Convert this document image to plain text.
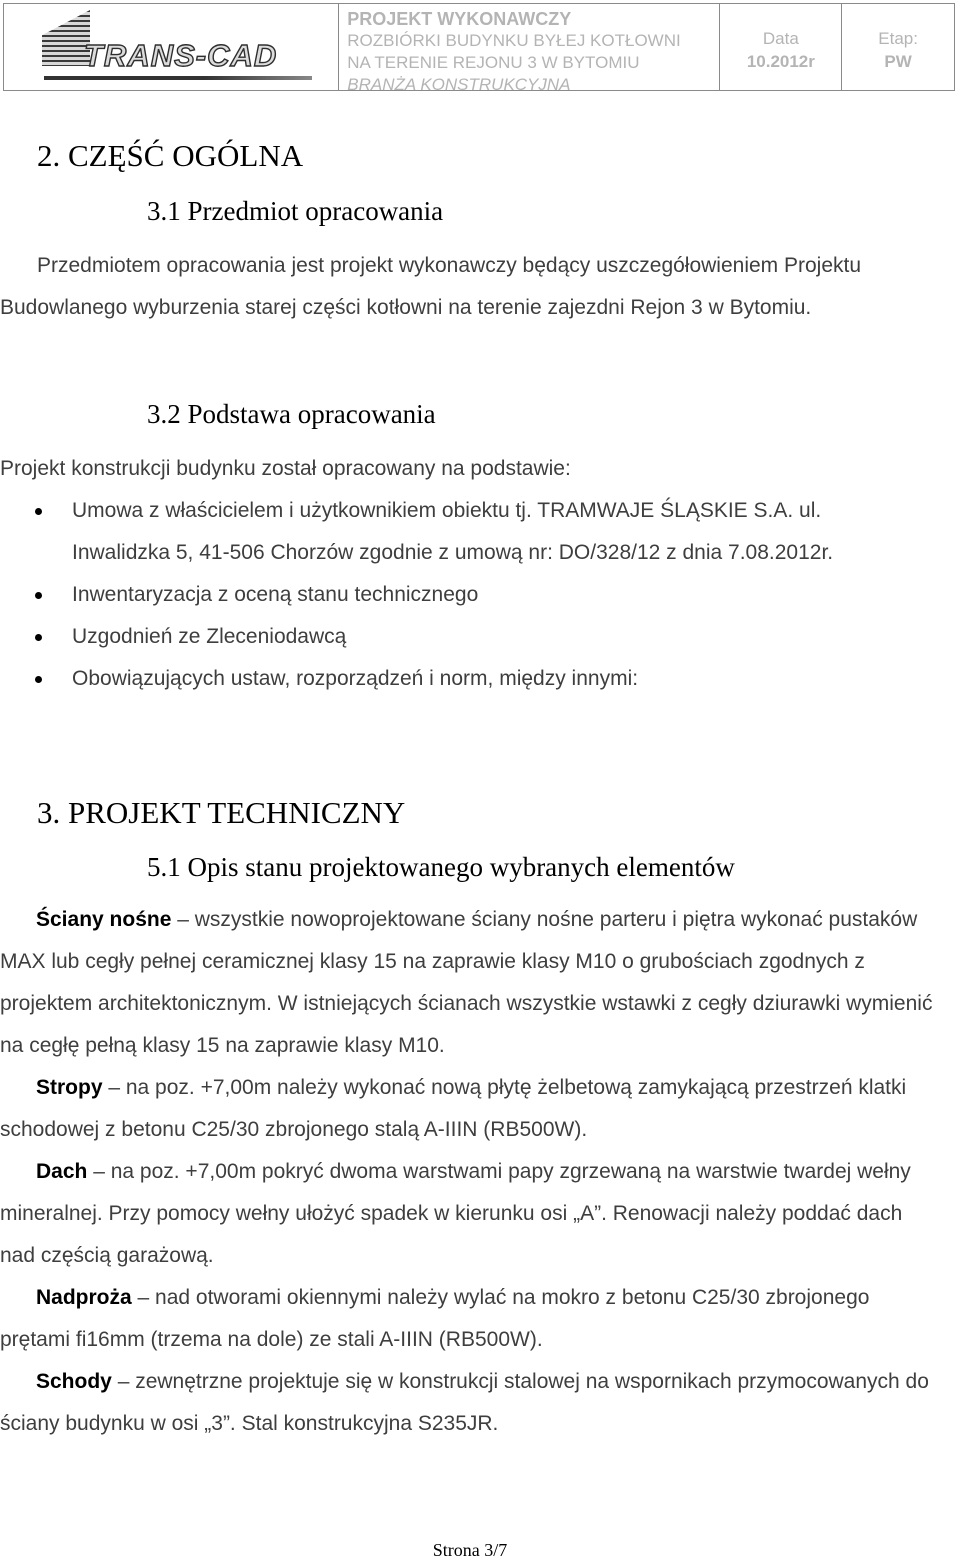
TRANS-CAD
PROJEKT WYKONAWCZY
ROZBIÓRKI BUDYNKU BYŁEJ KOTŁOWNI
NA TERENIE REJONU 3 W BYTOMIU
BRANŻA KONSTRUKCYJNA
Data
10.2012r
Etap:
PW
2. CZĘŚĆ OGÓLNA
3.1 Przedmiot opracowania
Przedmiotem opracowania jest projekt wykonawczy będący uszczegółowieniem Projektu Budowlanego wyburzenia starej części kotłowni na terenie zajezdni Rejon 3 w Bytomiu.
3.2 Podstawa opracowania
Projekt konstrukcji budynku został opracowany na podstawie:
Umowa z właścicielem i użytkownikiem obiektu tj. TRAMWAJE ŚLĄSKIE S.A. ul. Inwalidzka 5, 41-506 Chorzów zgodnie z umową nr: DO/328/12 z dnia 7.08.2012r.
Inwentaryzacja z oceną stanu technicznego
Uzgodnień ze Zleceniodawcą
Obowiązujących ustaw, rozporządzeń i norm, między innymi:
3. PROJEKT TECHNICZNY
5.1 Opis stanu projektowanego wybranych elementów

Ściany nośne – wszystkie nowoprojektowane ściany nośne parteru i piętra wykonać pustaków MAX lub cegły pełnej ceramicznej klasy 15 na zaprawie klasy M10 o grubościach zgodnych z projektem architektonicznym. W istniejących ścianach wszystkie wstawki z cegły dziurawki wymienić na cegłę pełną klasy 15 na zaprawie klasy M10.

Stropy – na poz. +7,00m należy wykonać nową płytę żelbetową zamykającą przestrzeń klatki schodowej z betonu C25/30 zbrojonego stalą A-IIIN (RB500W).

Dach – na poz. +7,00m pokryć dwoma warstwami papy zgrzewaną na warstwie twardej wełny mineralnej. Przy pomocy wełny ułożyć spadek w kierunku osi „A”. Renowacji należy poddać dach nad częścią garażową.

Nadproża – nad otworami okiennymi należy wylać na mokro z betonu C25/30 zbrojonego prętami fi16mm (trzema na dole) ze stali A-IIIN (RB500W).

Schody – zewnętrzne projektuje się w konstrukcji stalowej na wspornikach przymocowanych do ściany budynku w osi „3”. Stal konstrukcyjna S235JR.

Strona 3/7
